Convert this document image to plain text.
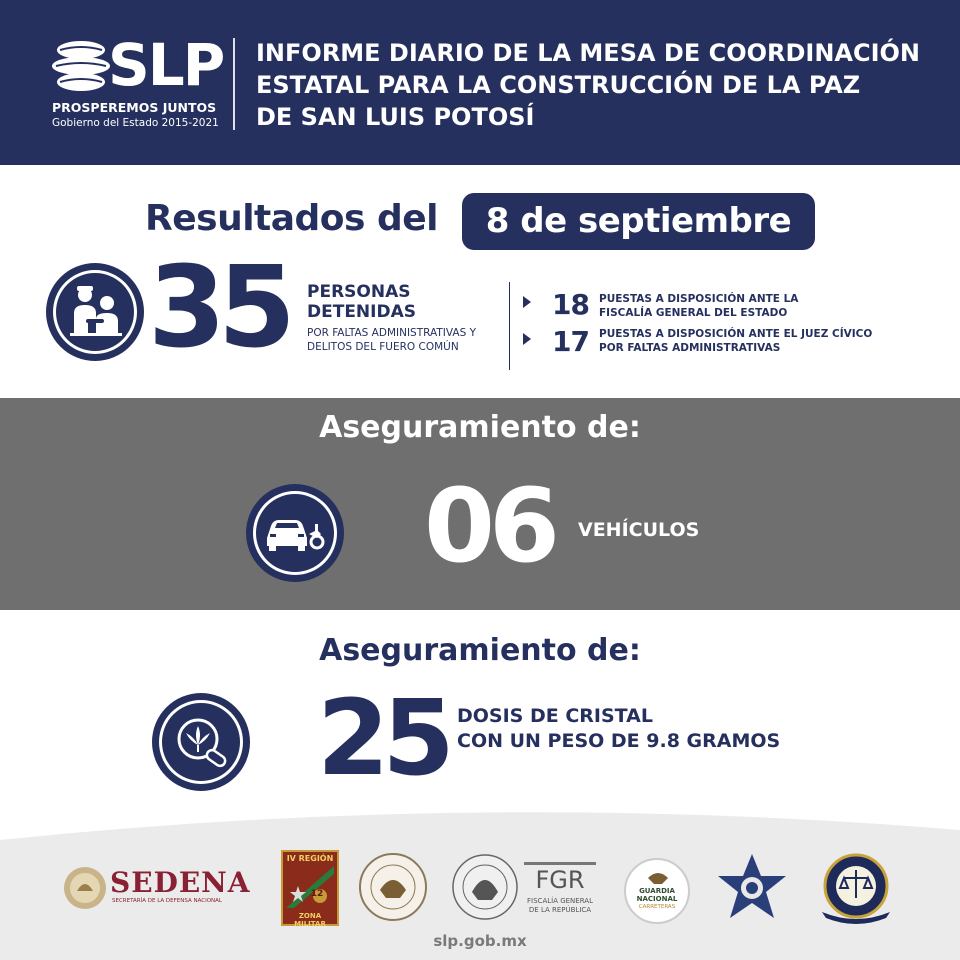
SLP
PROSPEREMOS JUNTOS
Gobierno del Estado 2015-2021
INFORME DIARIO DE LA MESA DE COORDINACIÓN
ESTATAL PARA LA CONSTRUCCIÓN DE LA PAZ
DE SAN LUIS POTOSÍ
Resultados del	8 de septiembre
35 PERSONAS
DETENIDAS
POR FALTAS ADMINISTRATIVAS Y
DELITOS DEL FUERO COMÚN
18 PUESTAS A DISPOSICIÓN ANTE LA
FISCALÍA GENERAL DEL ESTADO
17 PUESTAS A DISPOSICIÓN ANTE EL JUEZ CÍVICO
POR FALTAS ADMINISTRATIVAS
Aseguramiento de:
06 VEHÍCULOS
Aseguramiento de:
25 DOSIS DE CRISTAL
CON UN PESO DE 9.8 GRAMOS
SEDENA
SECRETARÍA DE LA DEFENSA NACIONAL
IV REGIÓN
12
ZONA MILITAR
FGR
FISCALÍA GENERAL
DE LA REPÚBLICA
GUARDIA
NACIONAL
CARRETERAS
slp.gob.mx
